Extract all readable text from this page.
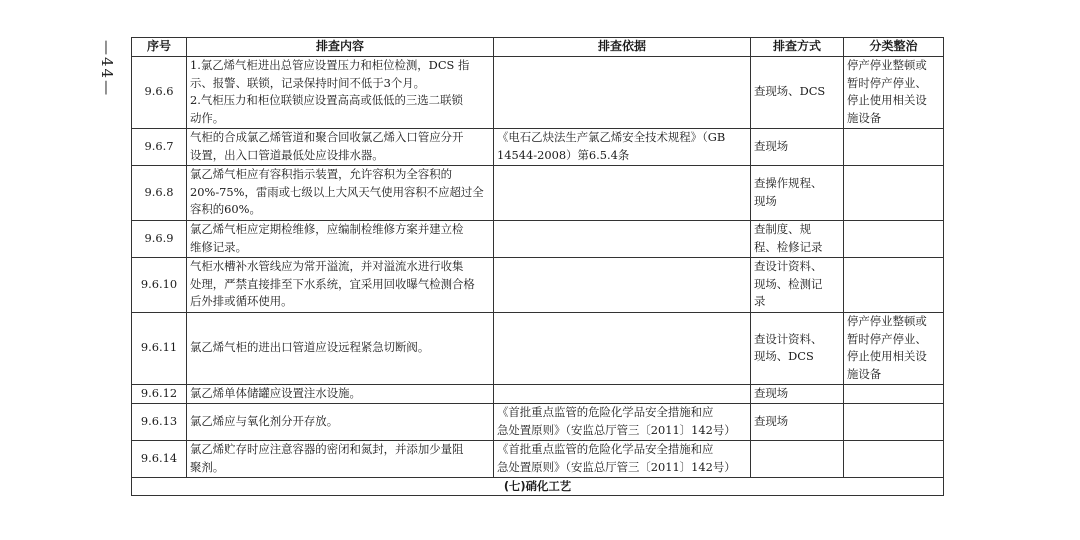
—44—	序号	排查内容	排查依据	排查方式	分类整治
9.6.6	1.氯乙烯气柜进出总管应设置压力和柜位检测，DCS 指
示、报警、联锁，记录保持时间不低于3个月。
2.气柜压力和柜位联锁应设置高高或低低的三选二联锁
动作。		查现场、DCS	停产停业整顿或
暂时停产停业、
停止使用相关设
施设备
9.6.7	气柜的合成氯乙烯管道和聚合回收氯乙烯入口管应分开
设置，出入口管道最低处应设排水器。	《电石乙炔法生产氯乙烯安全技术规程》（GB
14544-2008）第6.5.4条	查现场	
9.6.8	氯乙烯气柜应有容积指示装置，允许容积为全容积的
20%-75%，雷雨或七级以上大风天气使用容积不应超过全
容积的60%。		查操作规程、
现场	
9.6.9	氯乙烯气柜应定期检维修，应编制检维修方案并建立检
维修记录。		查制度、规
程、检修记录	
9.6.10	气柜水槽补水管线应为常开溢流，并对溢流水进行收集
处理，严禁直接排至下水系统，宜采用回收曝气检测合格
后外排或循环使用。		查设计资料、
现场、检测记
录	
9.6.11	氯乙烯气柜的进出口管道应设远程紧急切断阀。		查设计资料、
现场、DCS	停产停业整顿或
暂时停产停业、
停止使用相关设
施设备
9.6.12	氯乙烯单体储罐应设置注水设施。		查现场	
9.6.13	氯乙烯应与氧化剂分开存放。	《首批重点监管的危险化学品安全措施和应
急处置原则》（安监总厅管三〔2011〕142号）	查现场	
9.6.14	氯乙烯贮存时应注意容器的密闭和氮封，并添加少量阻
聚剂。	《首批重点监管的危险化学品安全措施和应
急处置原则》（安监总厅管三〔2011〕142号）		
(七)硝化工艺				
